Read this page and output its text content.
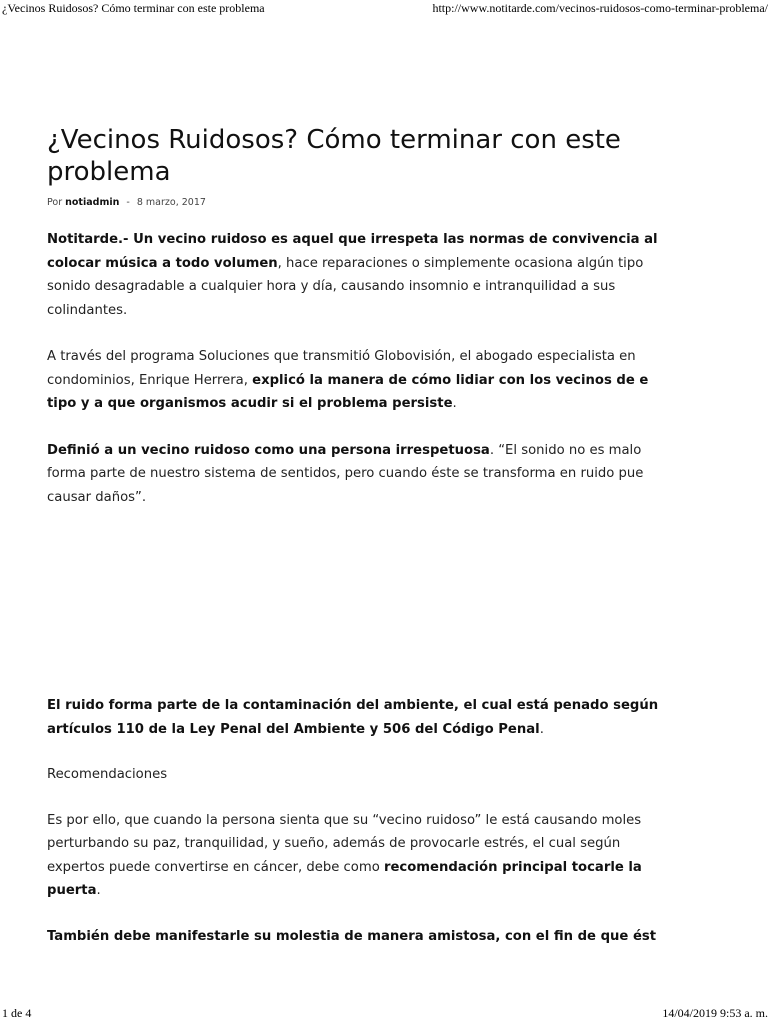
¿Vecinos Ruidosos? Cómo terminar con este problema	http://www.notitarde.com/vecinos-ruidosos-como-terminar-problema/
¿Vecinos Ruidosos? Cómo terminar con este problema
Por notiadmin - 8 marzo, 2017

Notitarde.- Un vecino ruidoso es aquel que irrespeta las normas de convivencia al
colocar música a todo volumen, hace reparaciones o simplemente ocasiona algún tipo
sonido desagradable a cualquier hora y día, causando insomnio e intranquilidad a sus
colindantes.

A través del programa Soluciones que transmitió Globovisión, el abogado especialista en
condominios, Enrique Herrera, explicó la manera de cómo lidiar con los vecinos de e
tipo y a que organismos acudir si el problema persiste.

Definió a un vecino ruidoso como una persona irrespetuosa. “El sonido no es malo
forma parte de nuestro sistema de sentidos, pero cuando éste se transforma en ruido pue
causar daños”.

El ruido forma parte de la contaminación del ambiente, el cual está penado según
artículos 110 de la Ley Penal del Ambiente y 506 del Código Penal.

Recomendaciones

Es por ello, que cuando la persona sienta que su “vecino ruidoso” le está causando moles
perturbando su paz, tranquilidad, y sueño, además de provocarle estrés, el cual según
expertos puede convertirse en cáncer, debe como recomendación principal tocarle la
puerta.

También debe manifestarle su molestia de manera amistosa, con el fin de que ést

1 de 4	14/04/2019 9:53 a. m.
